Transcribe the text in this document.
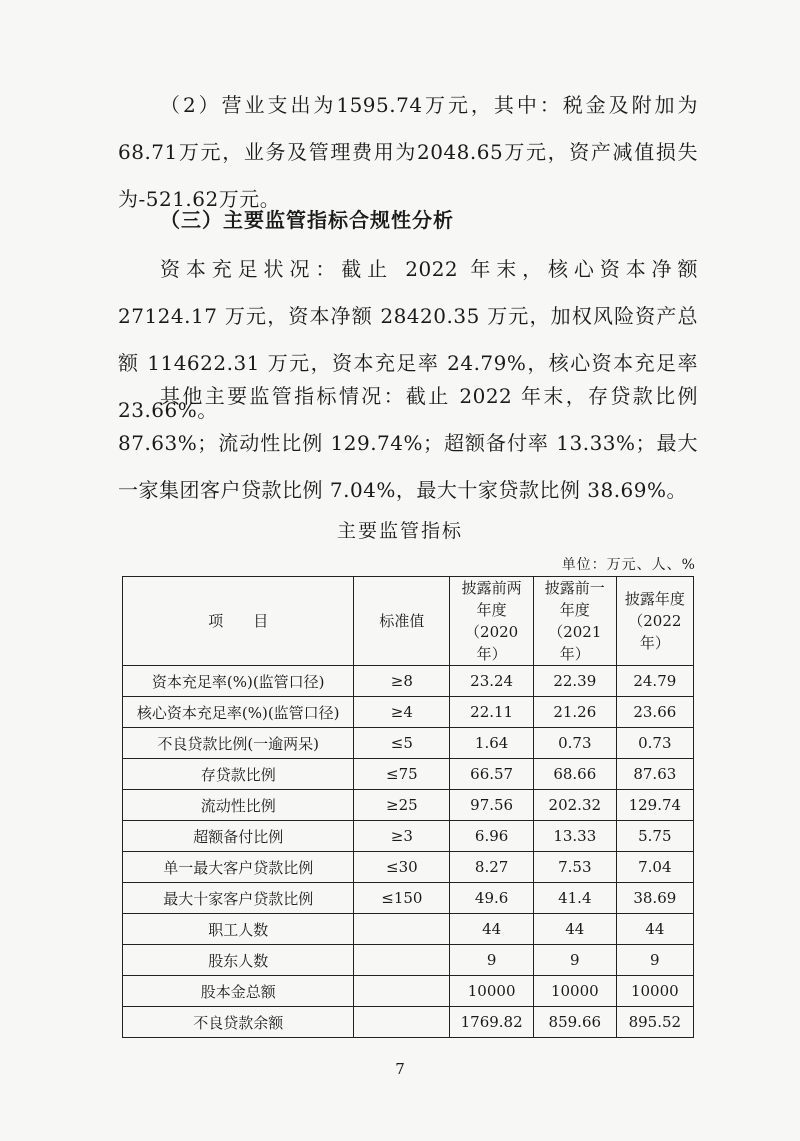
（2）营业支出为1595.74万元，其中：税金及附加为68.71万元，业务及管理费用为2048.65万元，资产减值损失为-521.62万元。

（三）主要监管指标合规性分析

资本充足状况：截止 2022 年末，核心资本净额 27124.17 万元，资本净额 28420.35 万元，加权风险资产总额 114622.31 万元，资本充足率 24.79%，核心资本充足率 23.66%。

其他主要监管指标情况：截止 2022 年末，存贷款比例 87.63%；流动性比例 129.74%；超额备付率 13.33%；最大一家集团客户贷款比例 7.04%，最大十家贷款比例 38.69%。

主要监管指标
单位：万元、人、%
项　　目	标准值	披露前两年度（2020年）	披露前一年度（2021年）	披露年度（2022年）
资本充足率(%)(监管口径)	≥8	23.24	22.39	24.79
核心资本充足率(%)(监管口径)	≥4	22.11	21.26	23.66
不良贷款比例(一逾两呆)	≤5	1.64	0.73	0.73
存贷款比例	≤75	66.57	68.66	87.63
流动性比例	≥25	97.56	202.32	129.74
超额备付比例	≥3	6.96	13.33	5.75
单一最大客户贷款比例	≤30	8.27	7.53	7.04
最大十家客户贷款比例	≤150	49.6	41.4	38.69
职工人数		44	44	44
股东人数		9	9	9
股本金总额		10000	10000	10000
不良贷款余额		1769.82	859.66	895.52
7
